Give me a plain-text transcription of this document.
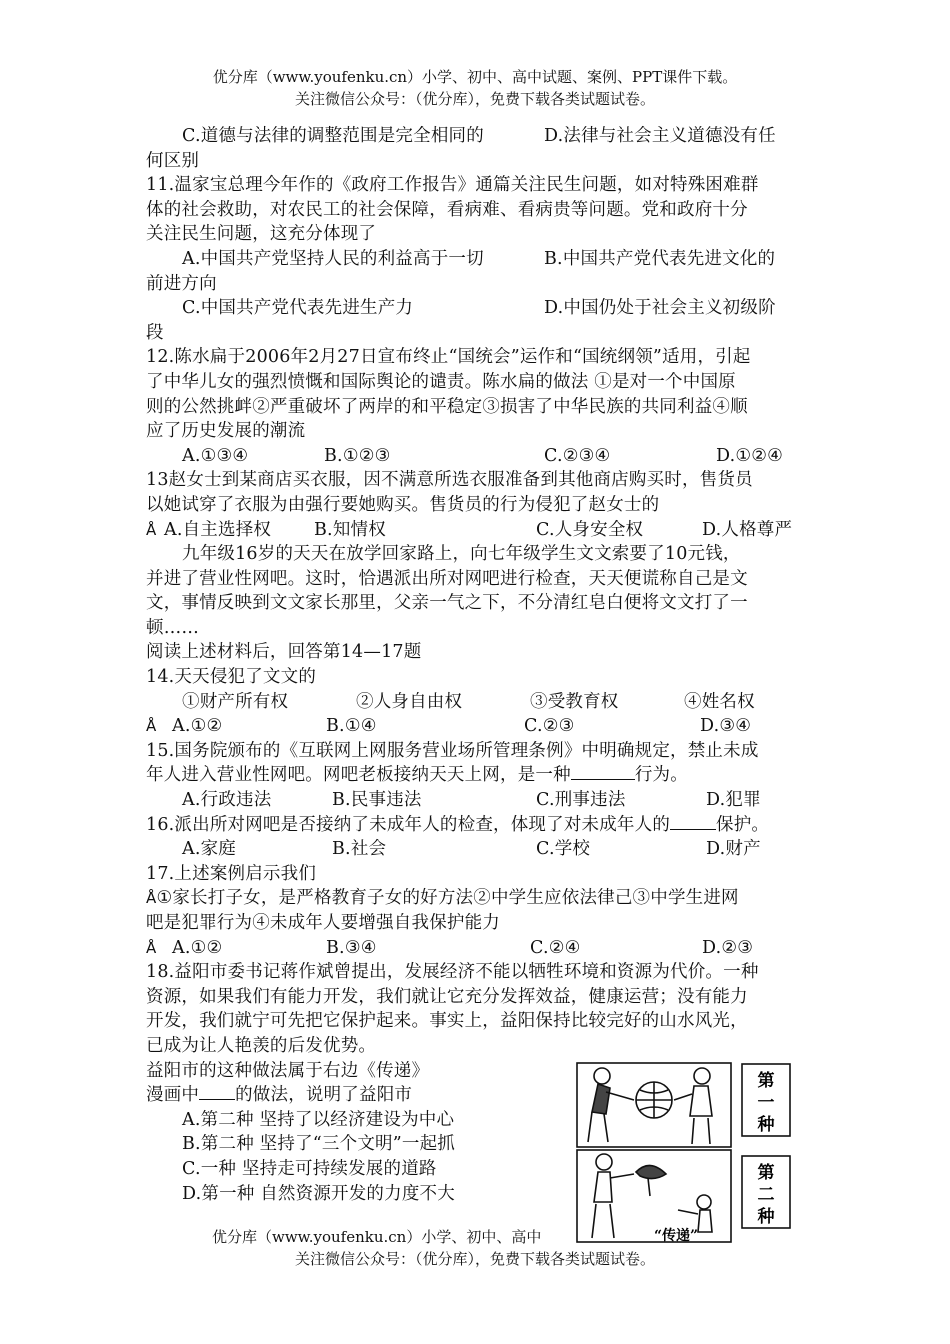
优分库（www.youfenku.cn）小学、初中、高中试题、案例、PPT课件下载。
关注微信公众号：（优分库），免费下载各类试题试卷。
C.道德与法律的调整范围是完全相同的	D.法律与社会主义道德没有任

何区别

11.温家宝总理今年作的《政府工作报告》通篇关注民生问题，如对特殊困难群

体的社会救助，对农民工的社会保障，看病难、看病贵等问题。党和政府十分

关注民生问题，这充分体现了

A.中国共产党坚持人民的利益高于一切	B.中国共产党代表先进文化的

前进方向

C.中国共产党代表先进生产力	D.中国仍处于社会主义初级阶

段

12.陈水扁于2006年2月27日宣布终止“国统会”运作和“国统纲领”适用，引起

了中华儿女的强烈愤慨和国际舆论的谴责。陈水扁的做法 ①是对一个中国原

则的公然挑衅②严重破坏了两岸的和平稳定③损害了中华民族的共同利益④顺

应了历史发展的潮流

A.①③④	B.①②③	C.②③④	D.①②④

13赵女士到某商店买衣服，因不满意所选衣服准备到其他商店购买时，售货员

以她试穿了衣服为由强行要她购买。售货员的行为侵犯了赵女士的

Å A.自主选择权 B.知情权	C.人身安全权	D.人格尊严

九年级16岁的天天在放学回家路上，向七年级学生文文索要了10元钱，

并进了营业性网吧。这时，恰遇派出所对网吧进行检查，天天便谎称自己是文

文，事情反映到文文家长那里，父亲一气之下，不分清红皂白便将文文打了一

顿……

阅读上述材料后，回答第14—17题

14.天天侵犯了文文的

①财产所有权	②人身自由权	③受教育权	④姓名权
Å A.①②	B.①④	C.②③	D.③④

15.国务院颁布的《互联网上网服务营业场所管理条例》中明确规定，禁止未成

年人进入营业性网吧。网吧老板接纳天天上网，是一种	行为。

A.行政违法	B.民事违法	C.刑事违法	D.犯罪

16.派出所对网吧是否接纳了未成年人的检查，体现了对未成年人的	保护。

A.家庭	B.社会	C.学校	D.财产

17.上述案例启示我们

Å①家长打子女，是严格教育子女的好方法②中学生应依法律己③中学生进网

吧是犯罪行为④未成年人要增强自我保护能力

Å A.①②	B.③④	C.②④	D.②③

18.益阳市委书记蒋作斌曾提出，发展经济不能以牺牲环境和资源为代价。一种

资源，如果我们有能力开发，我们就让它充分发挥效益，健康运营；没有能力

开发，我们就宁可先把它保护起来。事实上，益阳保持比较完好的山水风光，

已成为让人艳羡的后发优势。

益阳市的这种做法属于右边《传递》

漫画中 的做法，说明了益阳市

A.第二种 坚持了以经济建设为中心

B.第二种 坚持了“三个文明”一起抓

C.一种 坚持走可持续发展的道路

D.第一种 自然资源开发的力度不大

第
一
种
第
二
种
“传递”
优分库（www.youfenku.cn）小学、初中、高中
关注微信公众号：（优分库），免费下载各类试题试卷。
